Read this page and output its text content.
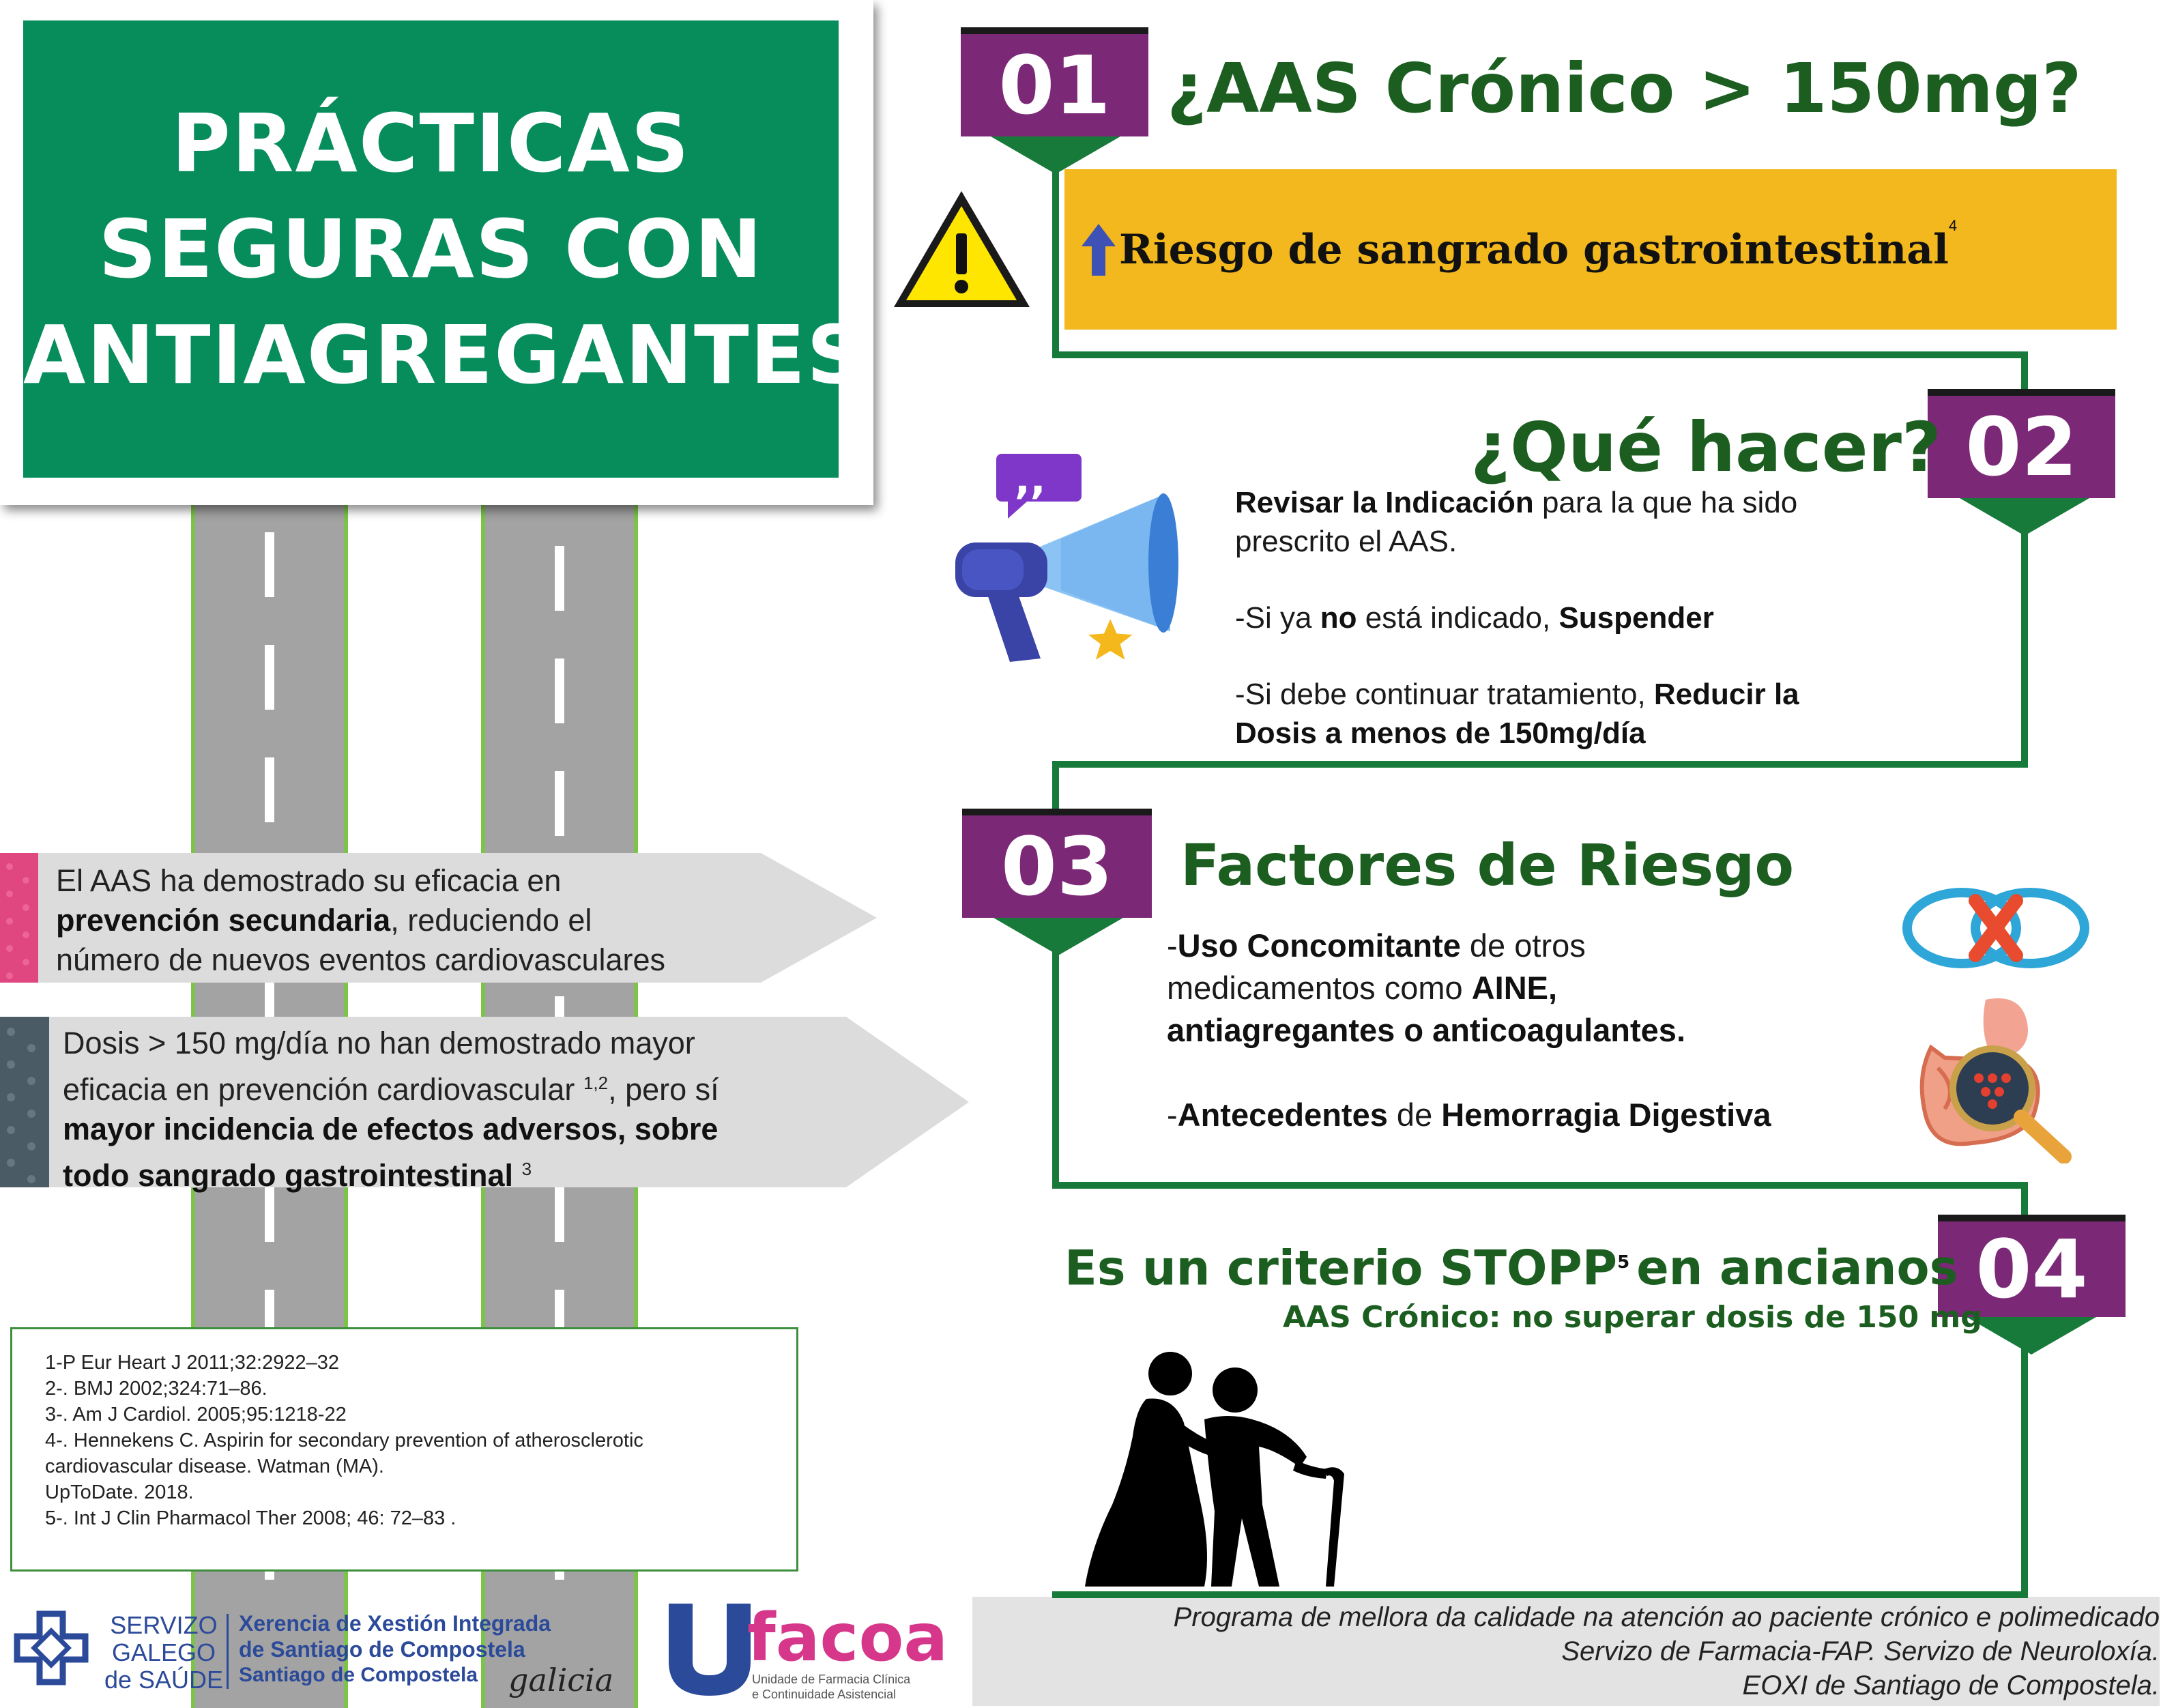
PRÁCTICAS
SEGURAS CON
ANTIAGREGANTES
El AAS ha demostrado su eficacia en
prevención secundaria, reduciendo el
número de nuevos eventos cardiovasculares
Dosis > 150 mg/día no han demostrado mayor
eficacia en prevención cardiovascular $^{1,2}$, pero sí
mayor incidencia de efectos adversos, sobre
todo sangrado gastrointestinal $^3$

1-P Eur Heart J 2011;32:2922–32

2-. BMJ 2002;324:71–86.

3-. Am J Cardiol. 2005;95:1218-22

4-. Hennekens C. Aspirin for secondary prevention of atherosclerotic

cardiovascular disease. Watman (MA).

UpToDate. 2018.

5-. Int J Clin Pharmacol Ther 2008; 46: 72–83 .

SERVIZO
GALEGO
de SAÚDE
Xerencia de Xestión Integrada
de Santiago de Compostela
Santiago de Compostela galicia
facoa
Unidade de Farmacia Clínica
e Continuidade Asistencial
Programa de mellora da calidade na atención ao paciente crónico e polimedicado
Servizo de Farmacia-FAP. Servizo de Neuroloxía.
EOXI de Santiago de Compostela.
01 ¿AAS Crónico > 150mg?
Riesgo de sangrado gastrointestinal 4
02
¿Qué hacer?
,,	Revisar la Indicación para la que ha sido
prescrito el AAS.
-Si ya no está indicado, Suspender
-Si debe continuar tratamiento, Reducir la
Dosis a menos de 150mg/día
03	Factores de Riesgo
-Uso Concomitante de otros
medicamentos como AINE,
antiagregantes o anticoagulantes.
-Antecedentes de Hemorragia Digestiva
04
Es un criterio STOPP$^5$ en ancianos
AAS Crónico: no superar dosis de 150 mg
